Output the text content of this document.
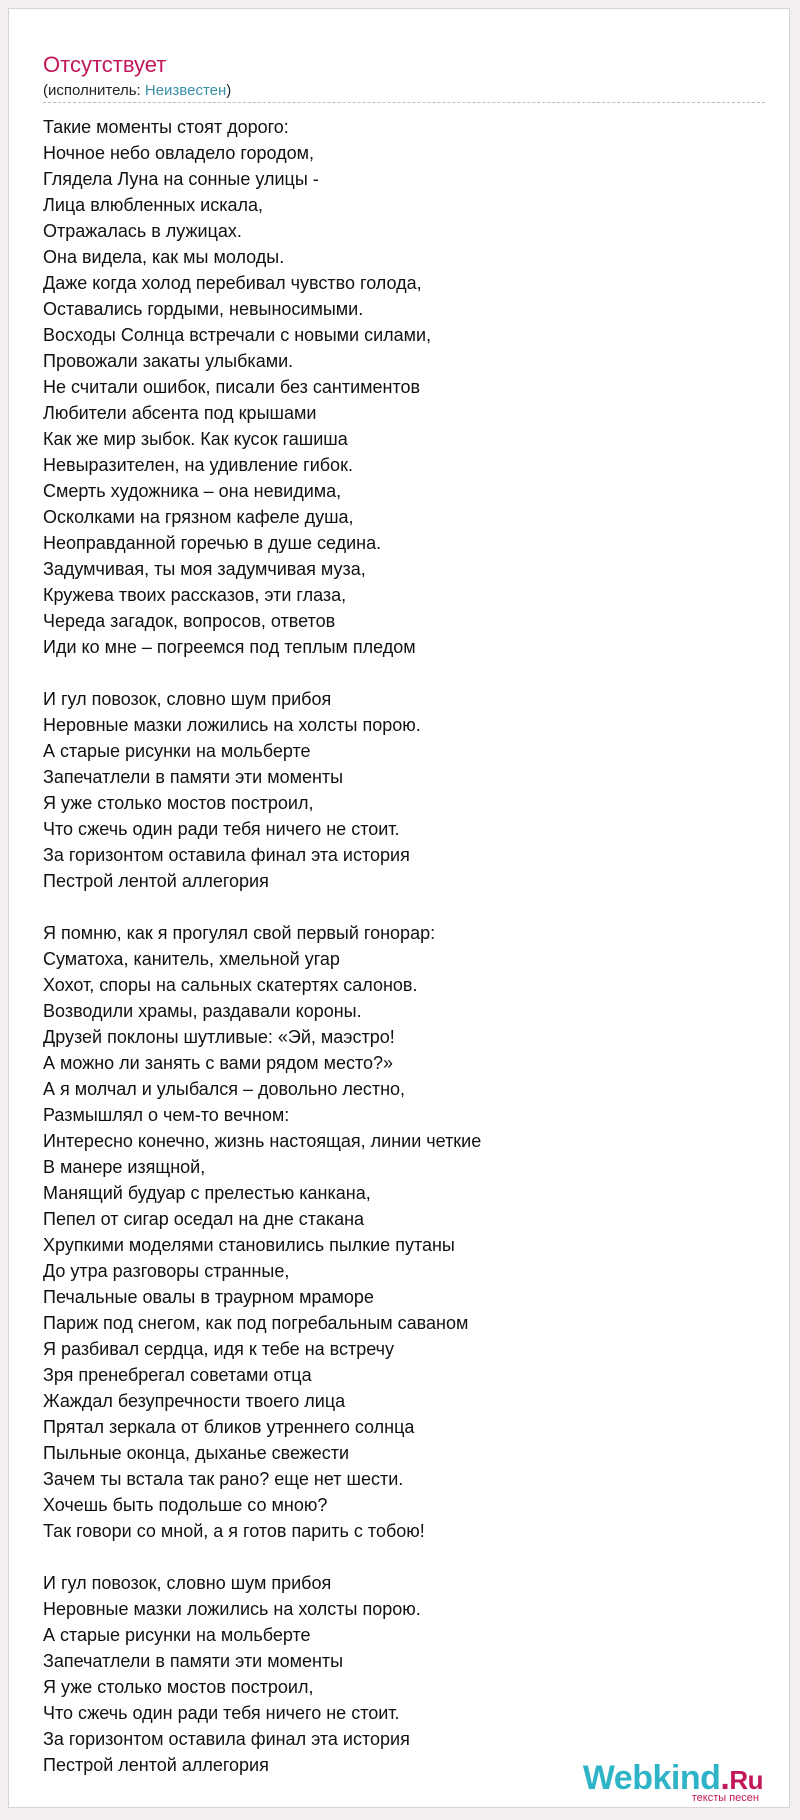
Отсутствует
(исполнитель: Неизвестен)
Такие моменты стоят дорого:
Ночное небо овладело городом,
Глядела Луна на сонные улицы -
Лица влюбленных искала,
Отражалась в лужицах.
Она видела, как мы молоды.
Даже когда холод перебивал чувство голода,
Оставались гордыми, невыносимыми.
Восходы Солнца встречали с новыми силами,
Провожали закаты улыбками.
Не считали ошибок, писали без сантиментов
Любители абсента под крышами
Как же мир зыбок. Как кусок гашиша
Невыразителен, на удивление гибок.
Смерть художника – она невидима,
Осколками на грязном кафеле душа,
Неоправданной горечью в душе седина.
Задумчивая, ты моя задумчивая муза,
Кружева твоих рассказов, эти глаза,
Череда загадок, вопросов, ответов
Иди ко мне – погреемся под теплым пледом
И гул повозок, словно шум прибоя
Неровные мазки ложились на холсты порою.
А старые рисунки на мольберте
Запечатлели в памяти эти моменты
Я уже столько мостов построил,
Что сжечь один ради тебя ничего не стоит.
За горизонтом оставила финал эта история
Пестрой лентой аллегория
Я помню, как я прогулял свой первый гонорар:
Суматоха, канитель, хмельной угар
Хохот, споры на сальных скатертях салонов.
Возводили храмы, раздавали короны.
Друзей поклоны шутливые: «Эй, маэстро!
А можно ли занять с вами рядом место?»
А я молчал и улыбался – довольно лестно,
Размышлял о чем-то вечном:
Интересно конечно, жизнь настоящая, линии четкие
В манере изящной,
Манящий будуар с прелестью канкана,
Пепел от сигар оседал на дне стакана
Хрупкими моделями становились пылкие путаны
До утра разговоры странные,
Печальные овалы в траурном мраморе
Париж под снегом, как под погребальным саваном
Я разбивал сердца, идя к тебе на встречу
Зря пренебрегал советами отца
Жаждал безупречности твоего лица
Прятал зеркала от бликов утреннего солнца
Пыльные оконца, дыханье свежести
Зачем ты встала так рано? еще нет шести.
Хочешь быть подольше со мною?
Так говори со мной, а я готов парить с тобою!
И гул повозок, словно шум прибоя
Неровные мазки ложились на холсты порою.
А старые рисунки на мольберте
Запечатлели в памяти эти моменты
Я уже столько мостов построил,
Что сжечь один ради тебя ничего не стоит.
За горизонтом оставила финал эта история
Пестрой лентой аллегория	Webkind.Ru
тексты песен
